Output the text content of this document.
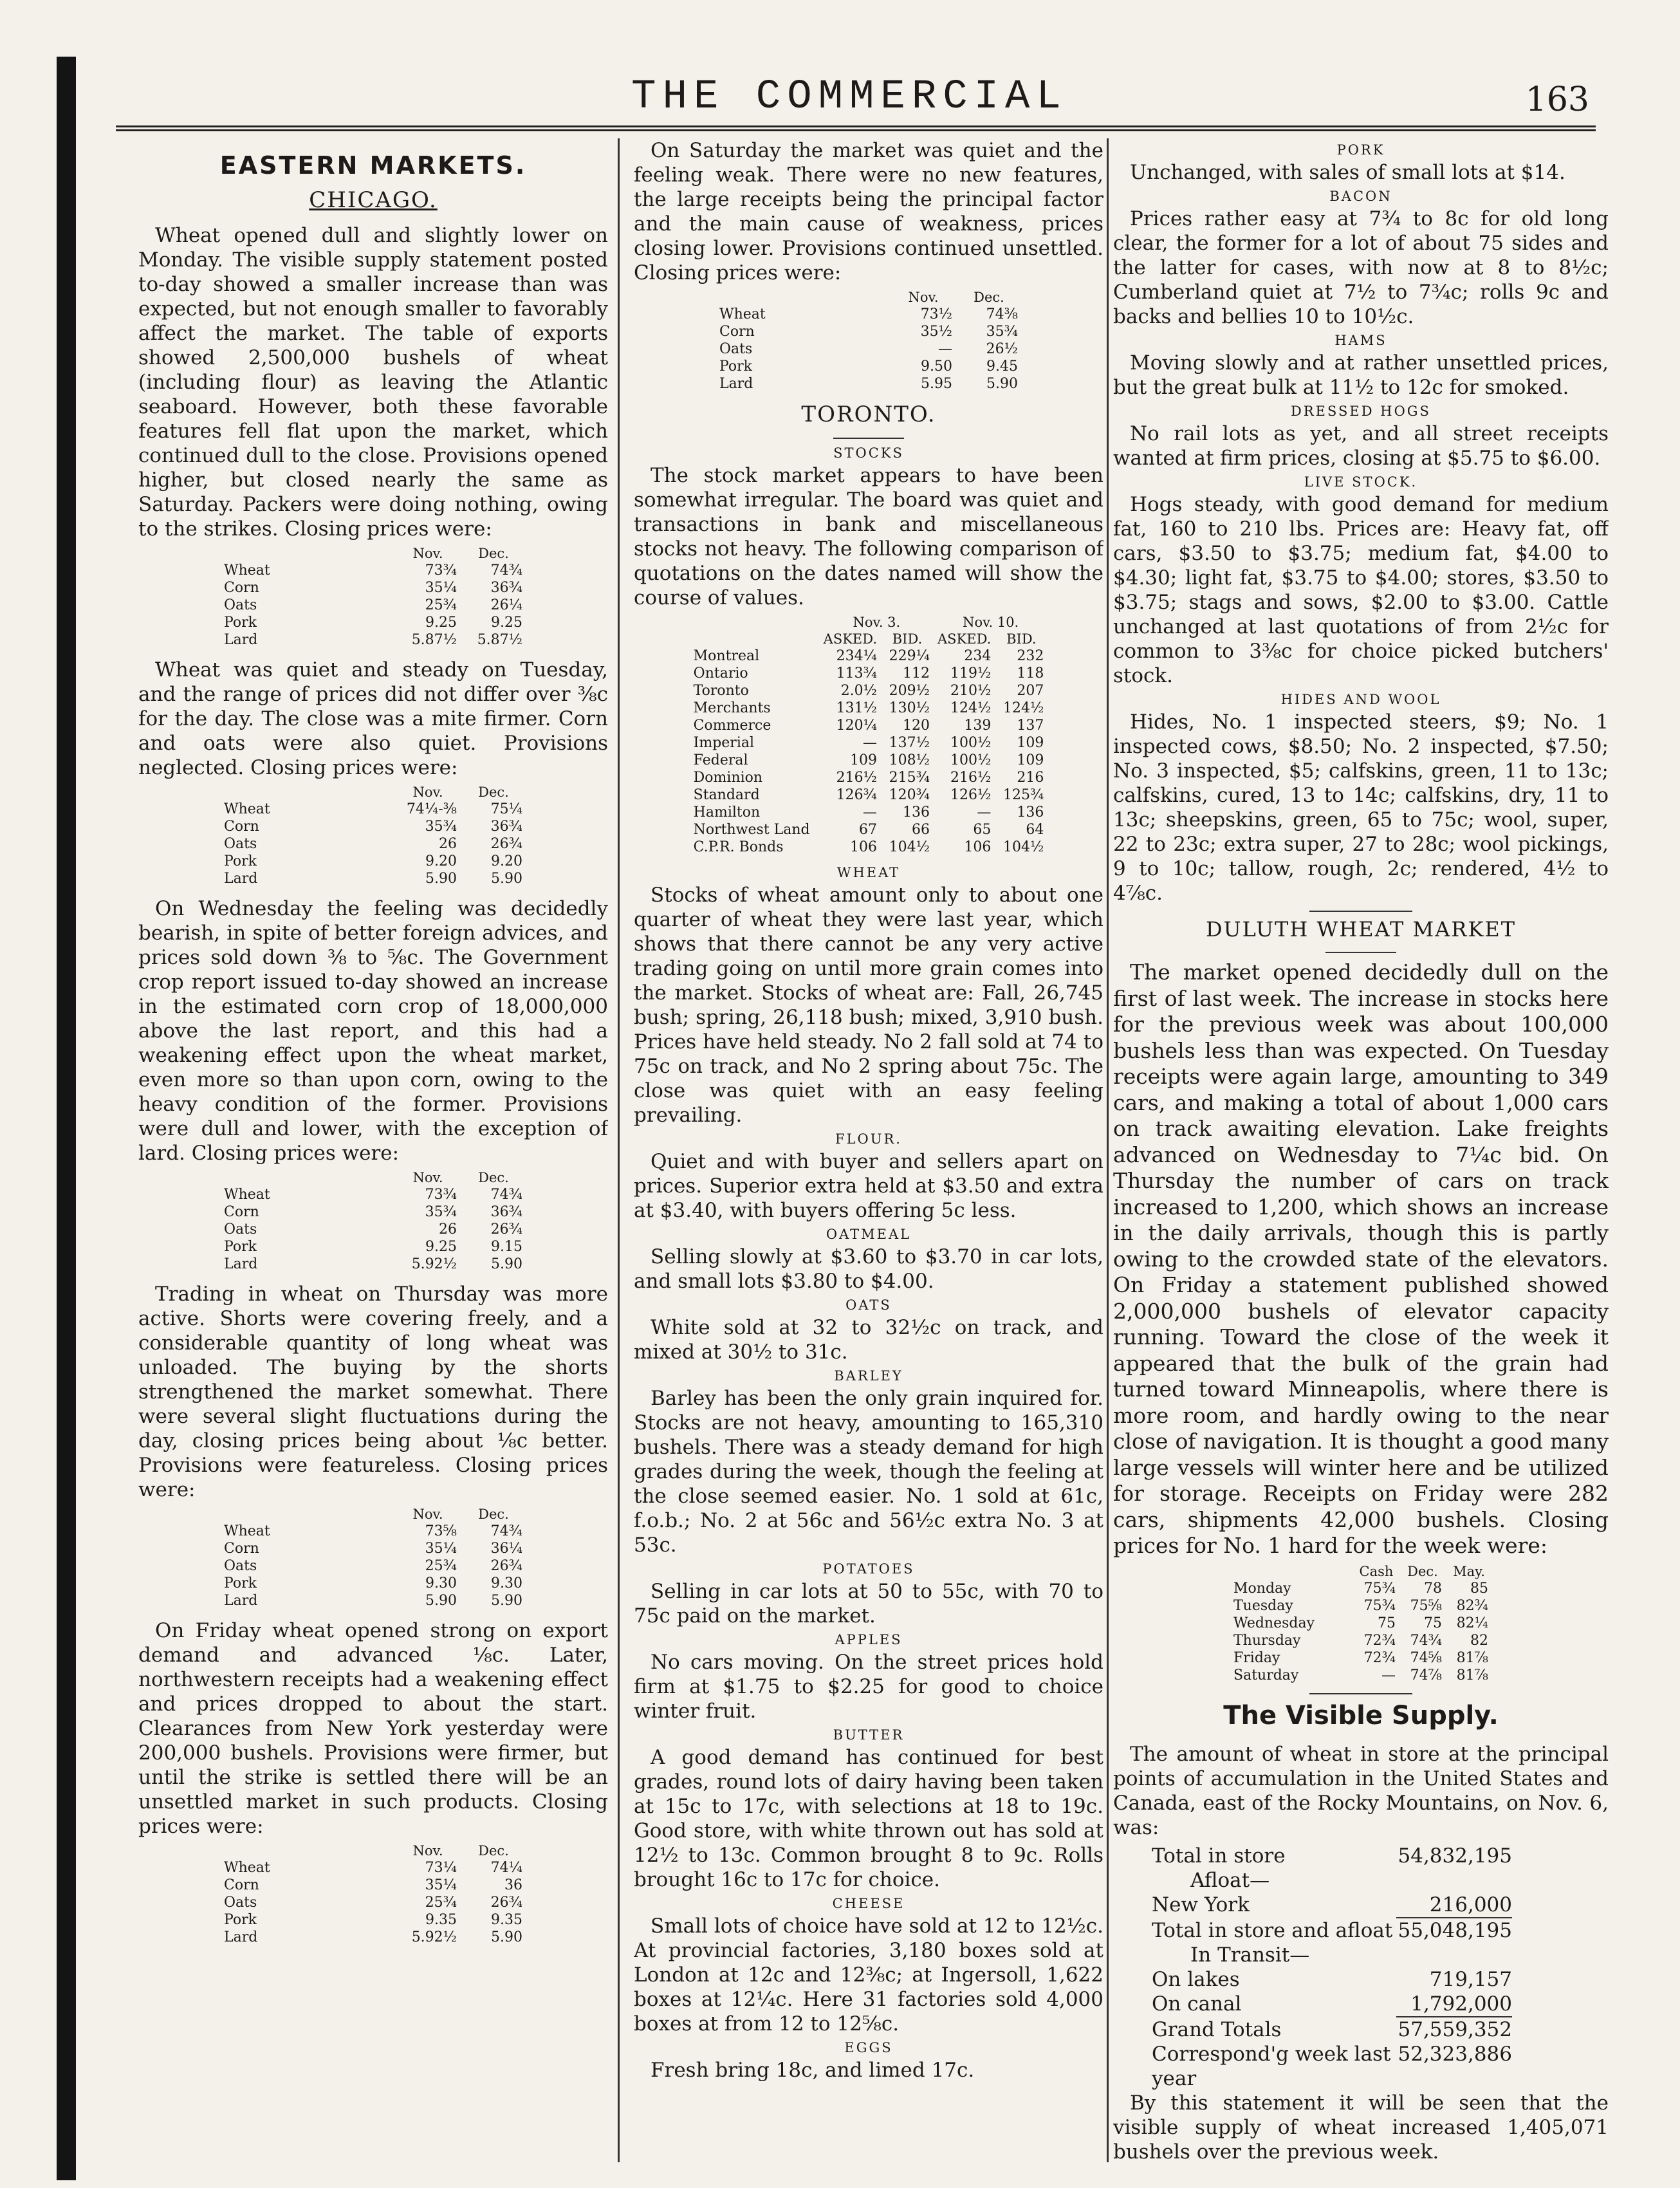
THE COMMERCIAL	163
EASTERN MARKETS.
CHICAGO.

Wheat opened dull and slightly lower on Monday. The visible supply statement posted to-day showed a smaller increase than was expected, but not enough smaller to favorably affect the market. The table of exports showed 2,500,000 bushels of wheat (including flour) as leaving the Atlantic seaboard. However, both these favorable features fell flat upon the market, which continued dull to the close. Provisions opened higher, but closed nearly the same as Saturday. Packers were doing nothing, owing to the strikes. Closing prices were:

	Nov.	Dec.
Wheat	73¾	74¾
Corn	35¼	36¾
Oats	25¾	26¼
Pork	9.25	9.25
Lard	5.87½	5.87½

Wheat was quiet and steady on Tuesday, and the range of prices did not differ over ⅜c for the day. The close was a mite firmer. Corn and oats were also quiet. Provisions neglected. Closing prices were:

	Nov.	Dec.
Wheat	74¼-⅜	75¼
Corn	35¾	36¾
Oats	26	26¾
Pork	9.20	9.20
Lard	5.90	5.90

On Wednesday the feeling was decidedly bearish, in spite of better foreign advices, and prices sold down ⅜ to ⅝c. The Government crop report issued to-day showed an increase in the estimated corn crop of 18,000,000 above the last report, and this had a weakening effect upon the wheat market, even more so than upon corn, owing to the heavy condition of the former. Provisions were dull and lower, with the exception of lard. Closing prices were:

	Nov.	Dec.
Wheat	73¾	74¾
Corn	35¾	36¾
Oats	26	26¾
Pork	9.25	9.15
Lard	5.92½	5.90

Trading in wheat on Thursday was more active. Shorts were covering freely, and a considerable quantity of long wheat was unloaded. The buying by the shorts strengthened the market somewhat. There were several slight fluctuations during the day, closing prices being about ⅛c better. Provisions were featureless. Closing prices were:

	Nov.	Dec.
Wheat	73⅝	74¾
Corn	35¼	36¼
Oats	25¾	26¾
Pork	9.30	9.30
Lard	5.90	5.90

On Friday wheat opened strong on export demand and advanced ⅛c. Later, northwestern receipts had a weakening effect and prices dropped to about the start. Clearances from New York yesterday were 200,000 bushels. Provisions were firmer, but until the strike is settled there will be an unsettled market in such products. Closing prices were:

	Nov.	Dec.
Wheat	73¼	74¼
Corn	35¼	36
Oats	25¾	26¾
Pork	9.35	9.35
Lard	5.92½	5.90

On Saturday the market was quiet and the feeling weak. There were no new features, the large receipts being the principal factor and the main cause of weakness, prices closing lower. Provisions continued unsettled. Closing prices were:

	Nov.	Dec.
Wheat	73½	74⅜
Corn	35½	35¾
Oats	—	26½
Pork	9.50	9.45
Lard	5.95	5.90
TORONTO.
STOCKS

The stock market appears to have been somewhat irregular. The board was quiet and transactions in bank and miscellaneous stocks not heavy. The following comparison of quotations on the dates named will show the course of values.

	Nov. 3.		Nov. 10.	
	ASKED.	BID.	ASKED.	BID.
Montreal	234¼	229¼	234	232
Ontario	113¾	112	119½	118
Toronto	2.0½	209½	210½	207
Merchants	131½	130½	124½	124½
Commerce	120¼	120	139	137
Imperial	—	137½	100½	109
Federal	109	108½	100½	109
Dominion	216½	215¾	216½	216
Standard	126¾	120¾	126½	125¾
Hamilton	—	136	—	136
Northwest Land	67	66	65	64
C.P.R. Bonds	106	104½	106	104½
WHEAT

Stocks of wheat amount only to about one quarter of wheat they were last year, which shows that there cannot be any very active trading going on until more grain comes into the market. Stocks of wheat are: Fall, 26,745 bush; spring, 26,118 bush; mixed, 3,910 bush. Prices have held steady. No 2 fall sold at 74 to 75c on track, and No 2 spring about 75c. The close was quiet with an easy feeling prevailing.

FLOUR.

Quiet and with buyer and sellers apart on prices. Superior extra held at $3.50 and extra at $3.40, with buyers offering 5c less.

OATMEAL

Selling slowly at $3.60 to $3.70 in car lots, and small lots $3.80 to $4.00.

OATS

White sold at 32 to 32½c on track, and mixed at 30½ to 31c.

BARLEY

Barley has been the only grain inquired for. Stocks are not heavy, amounting to 165,310 bushels. There was a steady demand for high grades during the week, though the feeling at the close seemed easier. No. 1 sold at 61c, f.o.b.; No. 2 at 56c and 56½c extra No. 3 at 53c.

POTATOES

Selling in car lots at 50 to 55c, with 70 to 75c paid on the market.

APPLES

No cars moving. On the street prices hold firm at $1.75 to $2.25 for good to choice winter fruit.

BUTTER

A good demand has continued for best grades, round lots of dairy having been taken at 15c to 17c, with selections at 18 to 19c. Good store, with white thrown out has sold at 12½ to 13c. Common brought 8 to 9c. Rolls brought 16c to 17c for choice.

CHEESE

Small lots of choice have sold at 12 to 12½c. At provincial factories, 3,180 boxes sold at London at 12c and 12⅜c; at Ingersoll, 1,622 boxes at 12¼c. Here 31 factories sold 4,000 boxes at from 12 to 12⅝c.

EGGS

Fresh bring 18c, and limed 17c.

PORK

Unchanged, with sales of small lots at $14.

BACON

Prices rather easy at 7¾ to 8c for old long clear, the former for a lot of about 75 sides and the latter for cases, with now at 8 to 8½c; Cumberland quiet at 7½ to 7¾c; rolls 9c and backs and bellies 10 to 10½c.

HAMS

Moving slowly and at rather unsettled prices, but the great bulk at 11½ to 12c for smoked.

DRESSED HOGS

No rail lots as yet, and all street receipts wanted at firm prices, closing at $5.75 to $6.00.

LIVE STOCK.

Hogs steady, with good demand for medium fat, 160 to 210 lbs. Prices are: Heavy fat, off cars, $3.50 to $3.75; medium fat, $4.00 to $4.30; light fat, $3.75 to $4.00; stores, $3.50 to $3.75; stags and sows, $2.00 to $3.00. Cattle unchanged at last quotations of from 2½c for common to 3⅜c for choice picked butchers' stock.

HIDES AND WOOL

Hides, No. 1 inspected steers, $9; No. 1 inspected cows, $8.50; No. 2 inspected, $7.50; No. 3 inspected, $5; calfskins, green, 11 to 13c; calfskins, cured, 13 to 14c; calfskins, dry, 11 to 13c; sheepskins, green, 65 to 75c; wool, super, 22 to 23c; extra super, 27 to 28c; wool pickings, 9 to 10c; tallow, rough, 2c; rendered, 4½ to 4⅞c.

DULUTH WHEAT MARKET

The market opened decidedly dull on the first of last week. The increase in stocks here for the previous week was about 100,000 bushels less than was expected. On Tuesday receipts were again large, amounting to 349 cars, and making a total of about 1,000 cars on track awaiting elevation. Lake freights advanced on Wednesday to 7¼c bid. On Thursday the number of cars on track increased to 1,200, which shows an increase in the daily arrivals, though this is partly owing to the crowded state of the elevators. On Friday a statement published showed 2,000,000 bushels of elevator capacity running. Toward the close of the week it appeared that the bulk of the grain had turned toward Minneapolis, where there is more room, and hardly owing to the near close of navigation. It is thought a good many large vessels will winter here and be utilized for storage. Receipts on Friday were 282 cars, shipments 42,000 bushels. Closing prices for No. 1 hard for the week were:

	Cash	Dec.	May.
Monday	75¾	78	85
Tuesday	75¾	75⅝	82¾
Wednesday	75	75	82¼
Thursday	72¾	74¾	82
Friday	72¾	74⅝	81⅞
Saturday	—	74⅞	81⅞
The Visible Supply.

The amount of wheat in store at the principal points of accumulation in the United States and Canada, east of the Rocky Mountains, on Nov. 6, was:

Total in store	54,832,195
Afloat—
New York	216,000
Total in store and afloat 55,048,195
In Transit—
On lakes	719,157
On canal	1,792,000
Grand Totals	57,559,352
Correspond'g week last year
52,323,886

By this statement it will be seen that the visible supply of wheat increased 1,405,071 bushels over the previous week.
